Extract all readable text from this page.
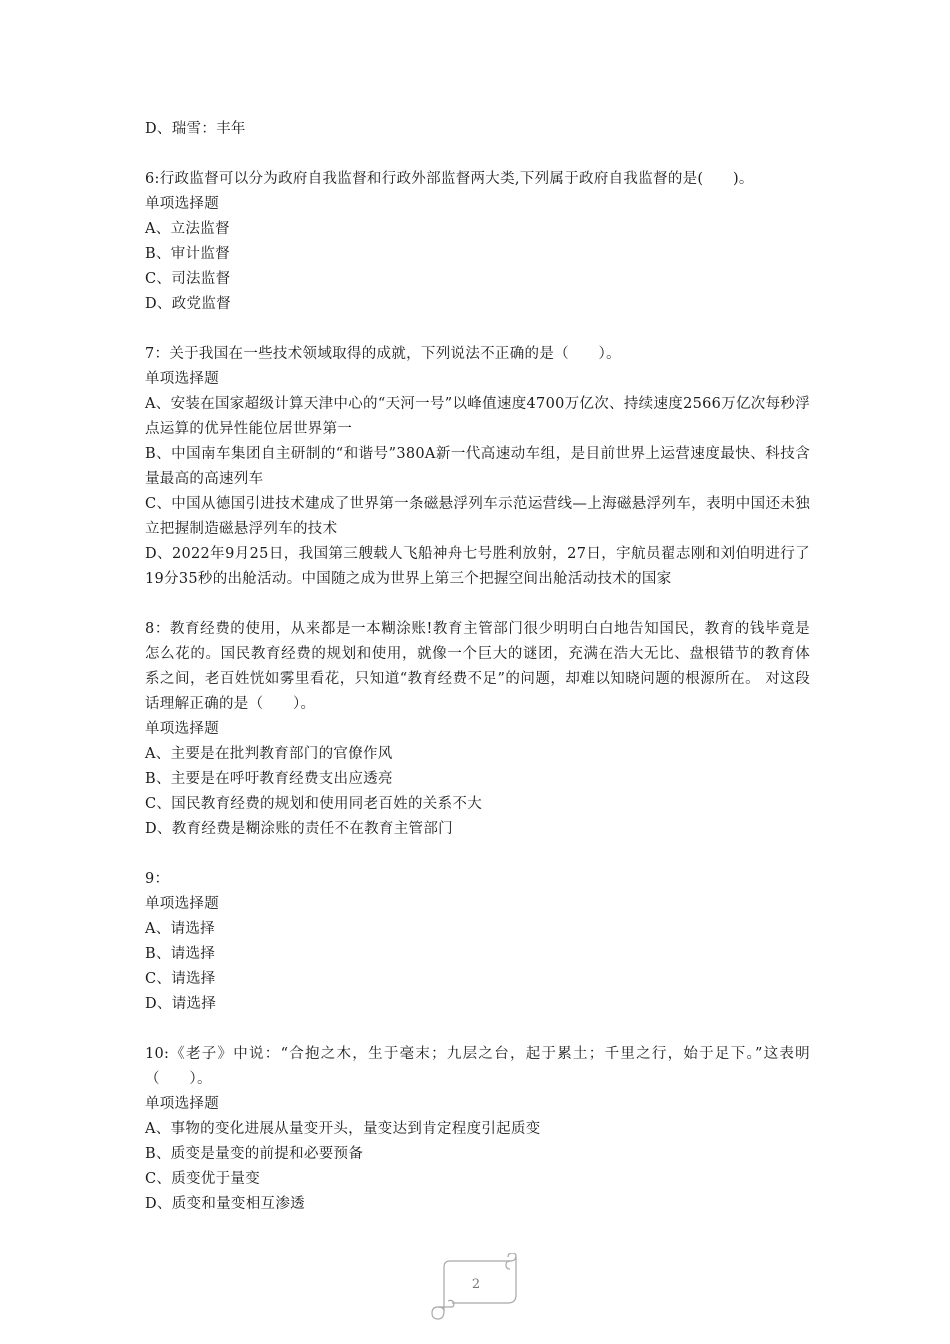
D、瑞雪：丰年

6:行政监督可以分为政府自我监督和行政外部监督两大类,下列属于政府自我监督的是(　　)。

单项选择题

A、立法监督

B、审计监督

C、司法监督

D、政党监督

7：关于我国在一些技术领域取得的成就，下列说法不正确的是（　　）。

单项选择题

A、安装在国家超级计算天津中心的“天河一号”以峰值速度4700万亿次、持续速度2566万亿次每秒浮点运算的优异性能位居世界第一

B、中国南车集团自主研制的“和谐号”380A新一代高速动车组，是目前世界上运营速度最快、科技含量最高的高速列车

C、中国从德国引进技术建成了世界第一条磁悬浮列车示范运营线—上海磁悬浮列车，表明中国还未独立把握制造磁悬浮列车的技术

D、2022年9月25日，我国第三艘载人飞船神舟七号胜利放射，27日，宇航员翟志刚和刘伯明进行了19分35秒的出舱活动。中国随之成为世界上第三个把握空间出舱活动技术的国家

8：教育经费的使用，从来都是一本糊涂账!教育主管部门很少明明白白地告知国民，教育的钱毕竟是怎么花的。国民教育经费的规划和使用，就像一个巨大的谜团，充满在浩大无比、盘根错节的教育体系之间，老百姓恍如雾里看花，只知道“教育经费不足”的问题，却难以知晓问题的根源所在。 对这段话理解正确的是（　　）。

单项选择题

A、主要是在批判教育部门的官僚作风

B、主要是在呼吁教育经费支出应透亮

C、国民教育经费的规划和使用同老百姓的关系不大

D、教育经费是糊涂账的责任不在教育主管部门

9：

单项选择题

A、请选择

B、请选择

C、请选择

D、请选择

10:《老子》中说：“合抱之木，生于毫末；九层之台，起于累土；千里之行，始于足下。”这表明（　　）。

单项选择题

A、事物的变化进展从量变开头，量变达到肯定程度引起质变

B、质变是量变的前提和必要预备

C、质变优于量变

D、质变和量变相互渗透

2
